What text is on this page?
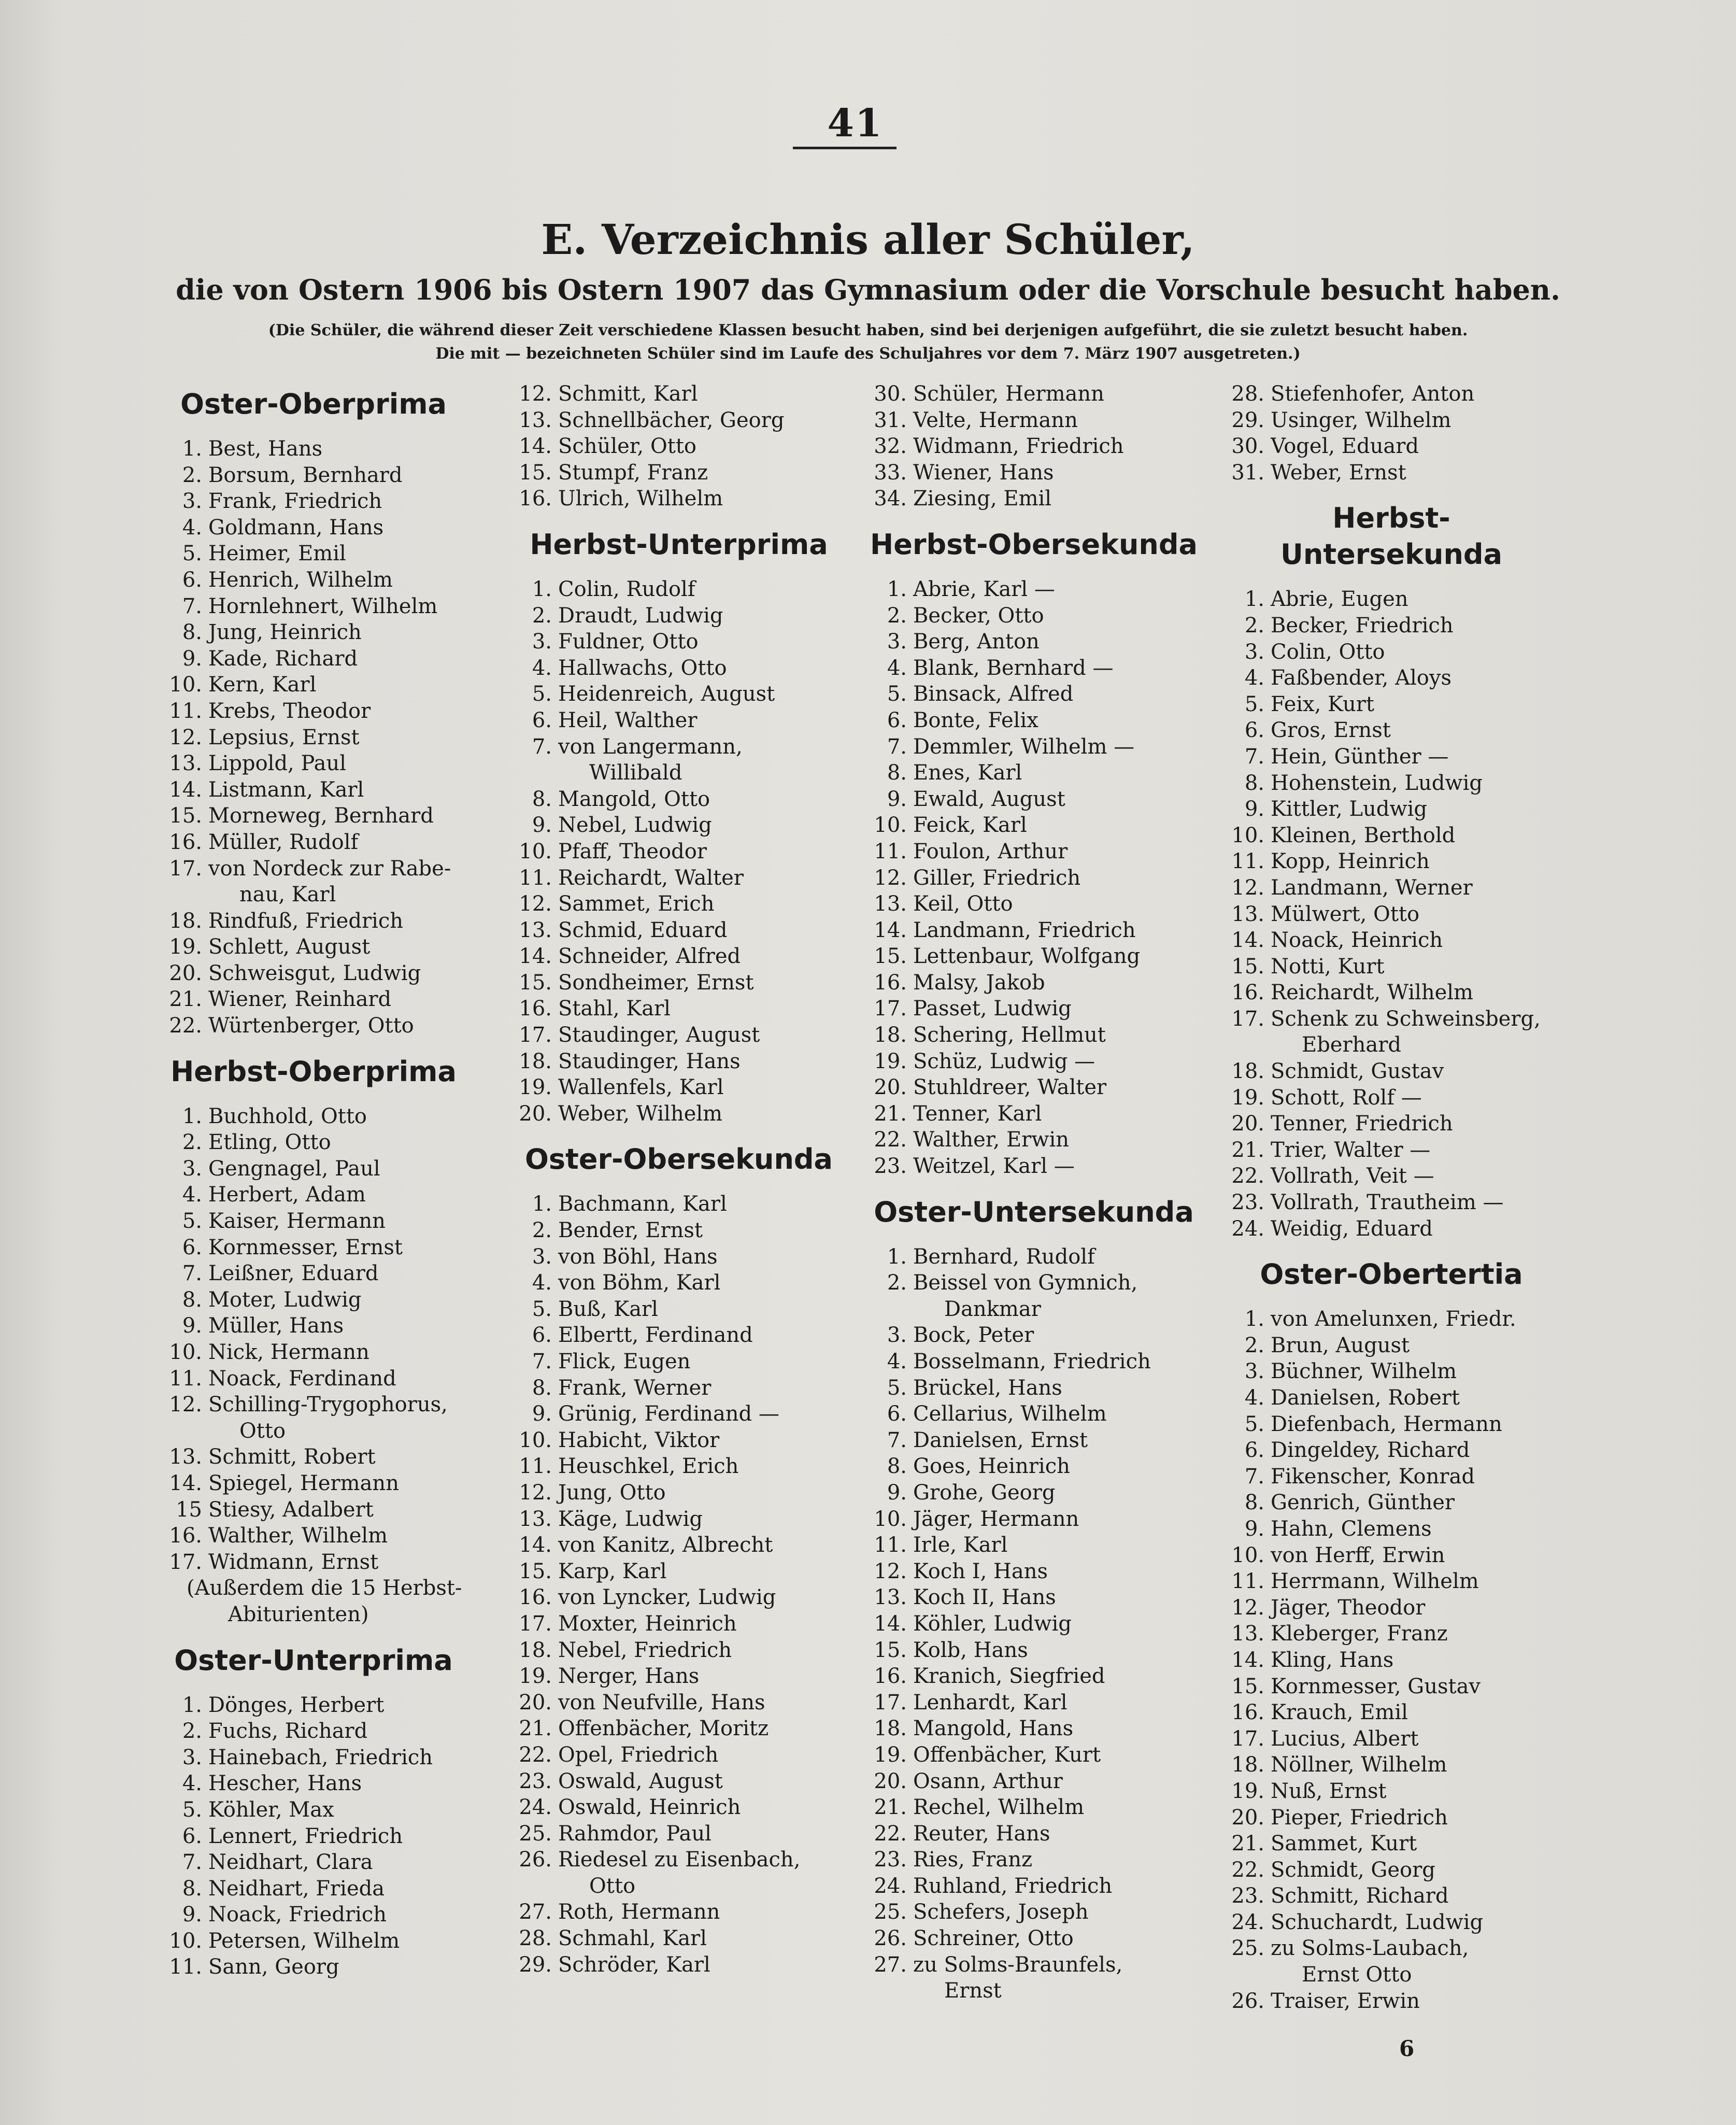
41
E. Verzeichnis aller Schüler,
die von Ostern 1906 bis Ostern 1907 das Gymnasium oder die Vorschule besucht haben.
(Die Schüler, die während dieser Zeit verschiedene Klassen besucht haben, sind bei derjenigen aufgeführt, die sie zuletzt besucht haben.
Die mit — bezeichneten Schüler sind im Laufe des Schuljahres vor dem 7. März 1907 ausgetreten.)
Oster-Oberprima
1. Best, Hans
2. Borsum, Bernhard
3. Frank, Friedrich
4. Goldmann, Hans
5. Heimer, Emil
6. Henrich, Wilhelm
7. Hornlehnert, Wilhelm
8. Jung, Heinrich
9. Kade, Richard
10. Kern, Karl
11. Krebs, Theodor
12. Lepsius, Ernst
13. Lippold, Paul
14. Listmann, Karl
15. Morneweg, Bernhard
16. Müller, Rudolf
17. von Nordeck zur Rabe-
nau, Karl
18. Rindfuß, Friedrich
19. Schlett, August
20. Schweisgut, Ludwig
21. Wiener, Reinhard
22. Würtenberger, Otto
Herbst-Oberprima
1. Buchhold, Otto
2. Etling, Otto
3. Gengnagel, Paul
4. Herbert, Adam
5. Kaiser, Hermann
6. Kornmesser, Ernst
7. Leißner, Eduard
8. Moter, Ludwig
9. Müller, Hans
10. Nick, Hermann
11. Noack, Ferdinand
12. Schilling-Trygophorus,
Otto
13. Schmitt, Robert
14. Spiegel, Hermann
15 Stiesy, Adalbert
16. Walther, Wilhelm
17. Widmann, Ernst
(Außerdem die 15 Herbst-
Abiturienten)
Oster-Unterprima
1. Dönges, Herbert
2. Fuchs, Richard
3. Hainebach, Friedrich
4. Hescher, Hans
5. Köhler, Max
6. Lennert, Friedrich
7. Neidhart, Clara
8. Neidhart, Frieda
9. Noack, Friedrich
10. Petersen, Wilhelm
11. Sann, Georg
12. Schmitt, Karl
13. Schnellbächer, Georg
14. Schüler, Otto
15. Stumpf, Franz
16. Ulrich, Wilhelm
Herbst-Unterprima
1. Colin, Rudolf
2. Draudt, Ludwig
3. Fuldner, Otto
4. Hallwachs, Otto
5. Heidenreich, August
6. Heil, Walther
7. von Langermann,
Willibald
8. Mangold, Otto
9. Nebel, Ludwig
10. Pfaff, Theodor
11. Reichardt, Walter
12. Sammet, Erich
13. Schmid, Eduard
14. Schneider, Alfred
15. Sondheimer, Ernst
16. Stahl, Karl
17. Staudinger, August
18. Staudinger, Hans
19. Wallenfels, Karl
20. Weber, Wilhelm
Oster-Obersekunda
1. Bachmann, Karl
2. Bender, Ernst
3. von Böhl, Hans
4. von Böhm, Karl
5. Buß, Karl
6. Elbertt, Ferdinand
7. Flick, Eugen
8. Frank, Werner
9. Grünig, Ferdinand —
10. Habicht, Viktor
11. Heuschkel, Erich
12. Jung, Otto
13. Käge, Ludwig
14. von Kanitz, Albrecht
15. Karp, Karl
16. von Lyncker, Ludwig
17. Moxter, Heinrich
18. Nebel, Friedrich
19. Nerger, Hans
20. von Neufville, Hans
21. Offenbächer, Moritz
22. Opel, Friedrich
23. Oswald, August
24. Oswald, Heinrich
25. Rahmdor, Paul
26. Riedesel zu Eisenbach,
Otto
27. Roth, Hermann
28. Schmahl, Karl
29. Schröder, Karl
30. Schüler, Hermann
31. Velte, Hermann
32. Widmann, Friedrich
33. Wiener, Hans
34. Ziesing, Emil
Herbst-Obersekunda
1. Abrie, Karl —
2. Becker, Otto
3. Berg, Anton
4. Blank, Bernhard —
5. Binsack, Alfred
6. Bonte, Felix
7. Demmler, Wilhelm —
8. Enes, Karl
9. Ewald, August
10. Feick, Karl
11. Foulon, Arthur
12. Giller, Friedrich
13. Keil, Otto
14. Landmann, Friedrich
15. Lettenbaur, Wolfgang
16. Malsy, Jakob
17. Passet, Ludwig
18. Schering, Hellmut
19. Schüz, Ludwig —
20. Stuhldreer, Walter
21. Tenner, Karl
22. Walther, Erwin
23. Weitzel, Karl —
Oster-Untersekunda
1. Bernhard, Rudolf
2. Beissel von Gymnich,
Dankmar
3. Bock, Peter
4. Bosselmann, Friedrich
5. Brückel, Hans
6. Cellarius, Wilhelm
7. Danielsen, Ernst
8. Goes, Heinrich
9. Grohe, Georg
10. Jäger, Hermann
11. Irle, Karl
12. Koch I, Hans
13. Koch II, Hans
14. Köhler, Ludwig
15. Kolb, Hans
16. Kranich, Siegfried
17. Lenhardt, Karl
18. Mangold, Hans
19. Offenbächer, Kurt
20. Osann, Arthur
21. Rechel, Wilhelm
22. Reuter, Hans
23. Ries, Franz
24. Ruhland, Friedrich
25. Schefers, Joseph
26. Schreiner, Otto
27. zu Solms-Braunfels,
Ernst
28. Stiefenhofer, Anton
29. Usinger, Wilhelm
30. Vogel, Eduard
31. Weber, Ernst
Herbst-Untersekunda
1. Abrie, Eugen
2. Becker, Friedrich
3. Colin, Otto
4. Faßbender, Aloys
5. Feix, Kurt
6. Gros, Ernst
7. Hein, Günther —
8. Hohenstein, Ludwig
9. Kittler, Ludwig
10. Kleinen, Berthold
11. Kopp, Heinrich
12. Landmann, Werner
13. Mülwert, Otto
14. Noack, Heinrich
15. Notti, Kurt
16. Reichardt, Wilhelm
17. Schenk zu Schweinsberg,
Eberhard
18. Schmidt, Gustav
19. Schott, Rolf —
20. Tenner, Friedrich
21. Trier, Walter —
22. Vollrath, Veit —
23. Vollrath, Trautheim —
24. Weidig, Eduard
Oster-Obertertia
1. von Amelunxen, Friedr.
2. Brun, August
3. Büchner, Wilhelm
4. Danielsen, Robert
5. Diefenbach, Hermann
6. Dingeldey, Richard
7. Fikenscher, Konrad
8. Genrich, Günther
9. Hahn, Clemens
10. von Herff, Erwin
11. Herrmann, Wilhelm
12. Jäger, Theodor
13. Kleberger, Franz
14. Kling, Hans
15. Kornmesser, Gustav
16. Krauch, Emil
17. Lucius, Albert
18. Nöllner, Wilhelm
19. Nuß, Ernst
20. Pieper, Friedrich
21. Sammet, Kurt
22. Schmidt, Georg
23. Schmitt, Richard
24. Schuchardt, Ludwig
25. zu Solms-Laubach,
Ernst Otto
26. Traiser, Erwin
6
